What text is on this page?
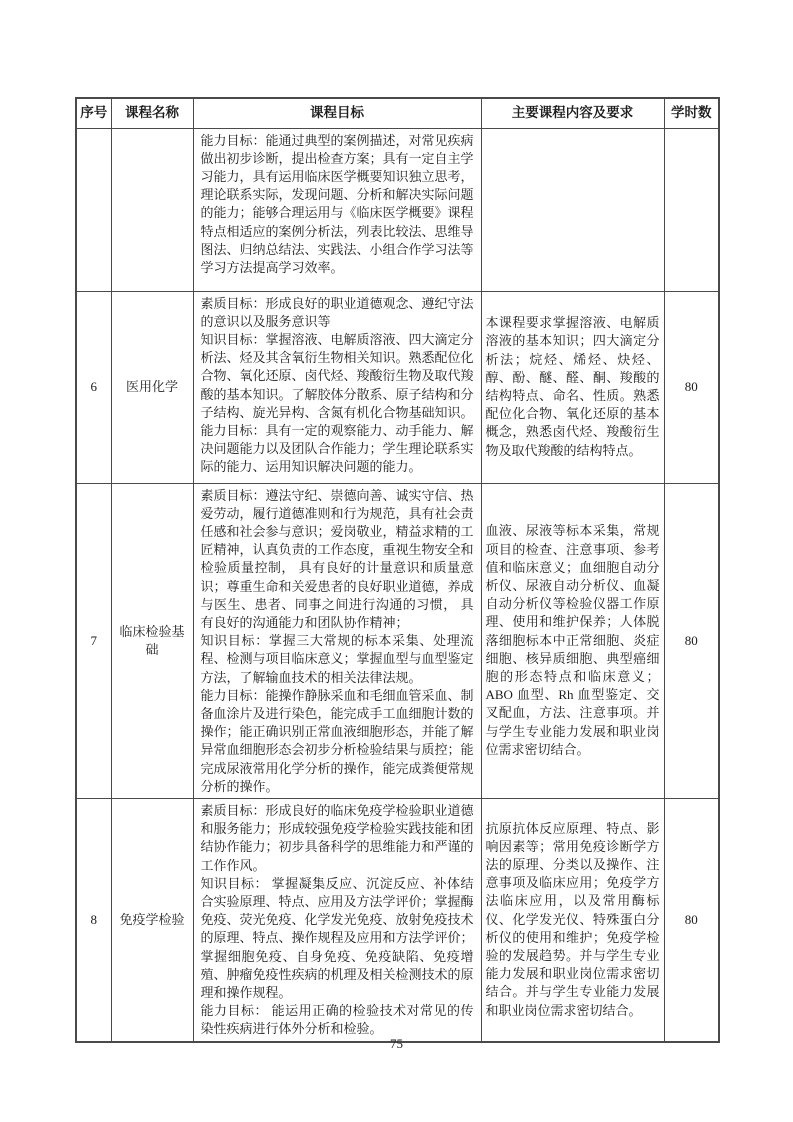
序号	课程名称	课程目标	主要课程内容及要求	学时数

		能力目标：能通过典型的案例描述，对常见疾病做出初步诊断，提出检查方案；具有一定自主学习能力，具有运用临床医学概要知识独立思考，理论联系实际，发现问题、分析和解决实际问题的能力；能够合理运用与《临床医学概要》课程特点相适应的案例分析法，列表比较法、思维导图法、归纳总结法、实践法、小组合作学习法等学习方法提高学习效率。		

6	医用化学	素质目标：形成良好的职业道德观念、遵纪守法的意识以及服务意识等
知识目标：掌握溶液、电解质溶液、四大滴定分析法、烃及其含氧衍生物相关知识。熟悉配位化合物、氧化还原、卤代烃、羧酸衍生物及取代羧酸的基本知识。了解胶体分散系、原子结构和分子结构、旋光异构、含氮有机化合物基础知识。
能力目标：具有一定的观察能力、动手能力、解决问题能力以及团队合作能力；学生理论联系实际的能力、运用知识解决问题的能力。	本课程要求掌握溶液、电解质溶液的基本知识；四大滴定分析法；烷烃、烯烃、炔烃、醇、酚、醚、醛、酮、羧酸的结构特点、命名、性质。熟悉配位化合物、氧化还原的基本概念，熟悉卤代烃、羧酸衍生物及取代羧酸的结构特点。	80
7	临床检验基础	素质目标：遵法守纪、崇德向善、诚实守信、热爱劳动，履行道德准则和行为规范，具有社会责任感和社会参与意识；爱岗敬业，精益求精的工匠精神，认真负责的工作态度，重视生物安全和检验质量控制， 具有良好的计量意识和质量意识；尊重生命和关爱患者的良好职业道德，养成与医生、患者、同事之间进行沟通的习惯， 具有良好的沟通能力和团队协作精神；
知识目标：掌握三大常规的标本采集、处理流程、检测与项目临床意义；掌握血型与血型鉴定方法，了解输血技术的相关法律法规。
能力目标：能操作静脉采血和毛细血管采血、制备血涂片及进行染色，能完成手工血细胞计数的操作；能正确识别正常血液细胞形态，并能了解异常血细胞形态会初步分析检验结果与质控；能完成尿液常用化学分析的操作，能完成粪便常规分析的操作。	血液、尿液等标本采集，常规项目的检查、注意事项、参考值和临床意义；血细胞自动分析仪、尿液自动分析仪、血凝自动分析仪等检验仪器工作原理、使用和维护保养；人体脱落细胞标本中正常细胞、炎症细胞、核异质细胞、典型癌细胞的形态特点和临床意义；ABO 血型、Rh 血型鉴定、交叉配血，方法、注意事项。并与学生专业能力发展和职业岗位需求密切结合。	80
8	免疫学检验	素质目标：形成良好的临床免疫学检验职业道德和服务能力；形成较强免疫学检验实践技能和团结协作能力；初步具备科学的思维能力和严谨的工作作风。
知识目标： 掌握凝集反应、沉淀反应、补体结合实验原理、特点、应用及方法学评价；掌握酶免疫、荧光免疫、化学发光免疫、放射免疫技术的原理、特点、操作规程及应用和方法学评价；掌握细胞免疫、自身免疫、免疫缺陷、免疫增殖、肿瘤免疫性疾病的机理及相关检测技术的原理和操作规程。
能力目标： 能运用正确的检验技术对常见的传染性疾病进行体外分析和检验。	抗原抗体反应原理、特点、影响因素等；常用免疫诊断学方法的原理、分类以及操作、注意事项及临床应用；免疫学方法临床应用，以及常用酶标仪、化学发光仪、特殊蛋白分析仪的使用和维护；免疫学检验的发展趋势。并与学生专业能力发展和职业岗位需求密切结合。并与学生专业能力发展和职业岗位需求密切结合。	80
75
